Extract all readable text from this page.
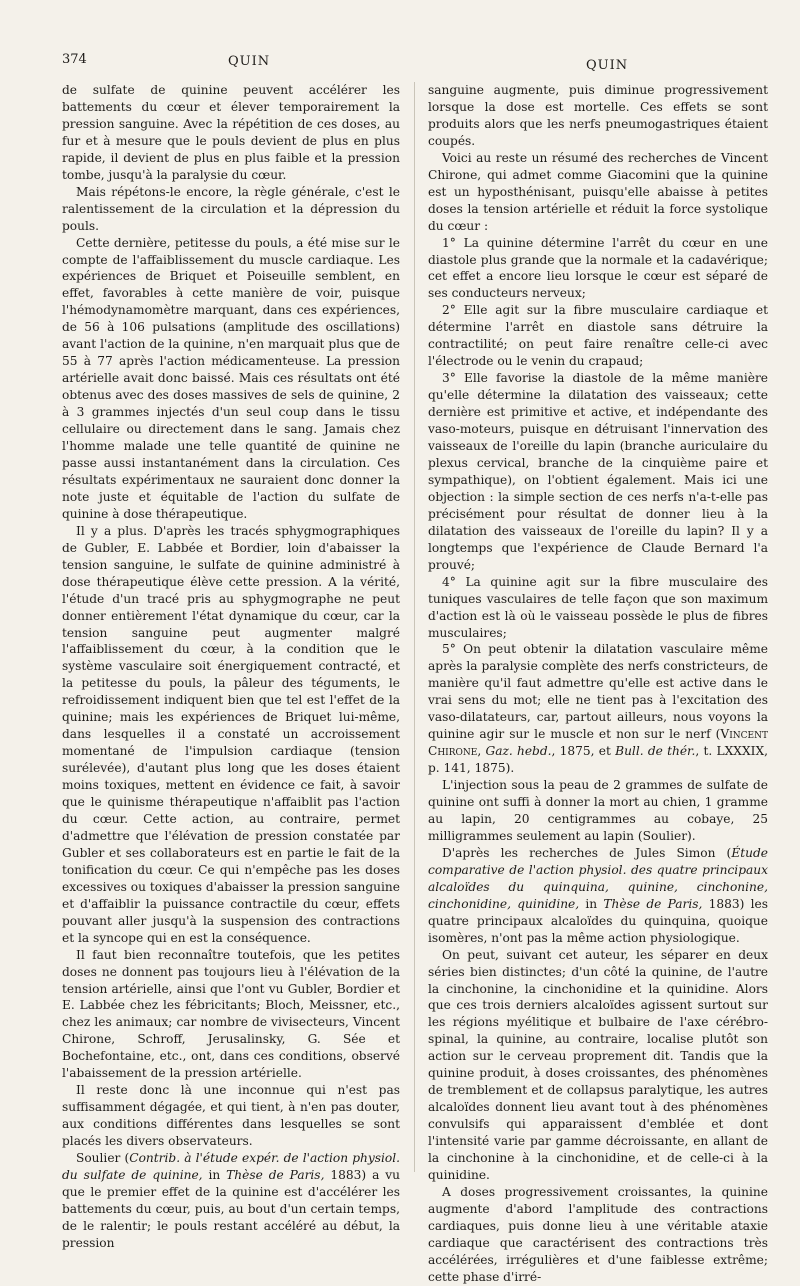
374	QUIN	QUIN

de sulfate de quinine peuvent accélérer les battements du cœur et élever temporairement la pression sanguine. Avec la répétition de ces doses, au fur et à mesure que le pouls devient de plus en plus rapide, il devient de plus en plus faible et la pression tombe, jusqu'à la paralysie du cœur.

Mais répétons-le encore, la règle générale, c'est le ralentissement de la circulation et la dépression du pouls.

Cette dernière, petitesse du pouls, a été mise sur le compte de l'affaiblissement du muscle cardiaque. Les expériences de Briquet et Poiseuille semblent, en effet, favorables à cette manière de voir, puisque l'hémodynamomètre marquant, dans ces expériences, de 56 à 106 pulsations (amplitude des oscillations) avant l'action de la quinine, n'en marquait plus que de 55 à 77 après l'action médicamenteuse. La pression artérielle avait donc baissé. Mais ces résultats ont été obtenus avec des doses massives de sels de quinine, 2 à 3 grammes injectés d'un seul coup dans le tissu cellulaire ou directement dans le sang. Jamais chez l'homme malade une telle quantité de quinine ne passe aussi instantanément dans la circulation. Ces résultats expérimentaux ne sauraient donc donner la note juste et équitable de l'action du sulfate de quinine à dose thérapeutique.

Il y a plus. D'après les tracés sphygmographiques de Gubler, E. Labbée et Bordier, loin d'abaisser la tension sanguine, le sulfate de quinine administré à dose thérapeutique élève cette pression. A la vérité, l'étude d'un tracé pris au sphygmographe ne peut donner entièrement l'état dynamique du cœur, car la tension sanguine peut augmenter malgré l'affaiblissement du cœur, à la condition que le système vasculaire soit énergiquement contracté, et la petitesse du pouls, la pâleur des téguments, le refroidissement indiquent bien que tel est l'effet de la quinine; mais les expériences de Briquet lui-même, dans lesquelles il a constaté un accroissement momentané de l'impulsion cardiaque (tension surélevée), d'autant plus long que les doses étaient moins toxiques, mettent en évidence ce fait, à savoir que le quinisme thérapeutique n'affaiblit pas l'action du cœur. Cette action, au contraire, permet d'admettre que l'élévation de pression constatée par Gubler et ses collaborateurs est en partie le fait de la tonification du cœur. Ce qui n'empêche pas les doses excessives ou toxiques d'abaisser la pression sanguine et d'affaiblir la puissance contractile du cœur, effets pouvant aller jusqu'à la suspension des contractions et la syncope qui en est la conséquence.

Il faut bien reconnaître toutefois, que les petites doses ne donnent pas toujours lieu à l'élévation de la tension artérielle, ainsi que l'ont vu Gubler, Bordier et E. Labbée chez les fébricitants; Bloch, Meissner, etc., chez les animaux; car nombre de vivisecteurs, Vincent Chirone, Schroff, Jerusalinsky, G. Sée et Bochefontaine, etc., ont, dans ces conditions, observé l'abaissement de la pression artérielle.

Il reste donc là une inconnue qui n'est pas suffisamment dégagée, et qui tient, à n'en pas douter, aux conditions différentes dans lesquelles se sont placés les divers observateurs.

Soulier (Contrib. à l'étude expér. de l'action physiol. du sulfate de quinine, in Thèse de Paris, 1883) a vu que le premier effet de la quinine est d'accélérer les battements du cœur, puis, au bout d'un certain temps, de le ralentir; le pouls restant accéléré au début, la pression

sanguine augmente, puis diminue progressivement lorsque la dose est mortelle. Ces effets se sont produits alors que les nerfs pneumogastriques étaient coupés.

Voici au reste un résumé des recherches de Vincent Chirone, qui admet comme Giacomini que la quinine est un hyposthénisant, puisqu'elle abaisse à petites doses la tension artérielle et réduit la force systolique du cœur :

1° La quinine détermine l'arrêt du cœur en une diastole plus grande que la normale et la cadavérique; cet effet a encore lieu lorsque le cœur est séparé de ses conducteurs nerveux;

2° Elle agit sur la fibre musculaire cardiaque et détermine l'arrêt en diastole sans détruire la contractilité; on peut faire renaître celle-ci avec l'électrode ou le venin du crapaud;

3° Elle favorise la diastole de la même manière qu'elle détermine la dilatation des vaisseaux; cette dernière est primitive et active, et indépendante des vaso-moteurs, puisque en détruisant l'innervation des vaisseaux de l'oreille du lapin (branche auriculaire du plexus cervical, branche de la cinquième paire et sympathique), on l'obtient également. Mais ici une objection : la simple section de ces nerfs n'a-t-elle pas précisément pour résultat de donner lieu à la dilatation des vaisseaux de l'oreille du lapin? Il y a longtemps que l'expérience de Claude Bernard l'a prouvé;

4° La quinine agit sur la fibre musculaire des tuniques vasculaires de telle façon que son maximum d'action est là où le vaisseau possède le plus de fibres musculaires;

5° On peut obtenir la dilatation vasculaire même après la paralysie complète des nerfs constricteurs, de manière qu'il faut admettre qu'elle est active dans le vrai sens du mot; elle ne tient pas à l'excitation des vaso-dilatateurs, car, partout ailleurs, nous voyons la quinine agir sur le muscle et non sur le nerf (Vincent Chirone, Gaz. hebd., 1875, et Bull. de thér., t. LXXXIX, p. 141, 1875).

L'injection sous la peau de 2 grammes de sulfate de quinine ont suffi à donner la mort au chien, 1 gramme au lapin, 20 centigrammes au cobaye, 25 milligrammes seulement au lapin (Soulier).

D'après les recherches de Jules Simon (Étude comparative de l'action physiol. des quatre principaux alcaloïdes du quinquina, quinine, cinchonine, cinchonidine, quinidine, in Thèse de Paris, 1883) les quatre principaux alcaloïdes du quinquina, quoique isomères, n'ont pas la même action physiologique.

On peut, suivant cet auteur, les séparer en deux séries bien distinctes; d'un côté la quinine, de l'autre la cinchonine, la cinchonidine et la quinidine. Alors que ces trois derniers alcaloïdes agissent surtout sur les régions myélitique et bulbaire de l'axe cérébro-spinal, la quinine, au contraire, localise plutôt son action sur le cerveau proprement dit. Tandis que la quinine produit, à doses croissantes, des phénomènes de tremblement et de collapsus paralytique, les autres alcaloïdes donnent lieu avant tout à des phénomènes convulsifs qui apparaissent d'emblée et dont l'intensité varie par gamme décroissante, en allant de la cinchonine à la cinchonidine, et de celle-ci à la quinidine.

A doses progressivement croissantes, la quinine augmente d'abord l'amplitude des contractions cardiaques, puis donne lieu à une véritable ataxie cardiaque que caractérisent des contractions très accélérées, irrégulières et d'une faiblesse extrême; cette phase d'irré-
